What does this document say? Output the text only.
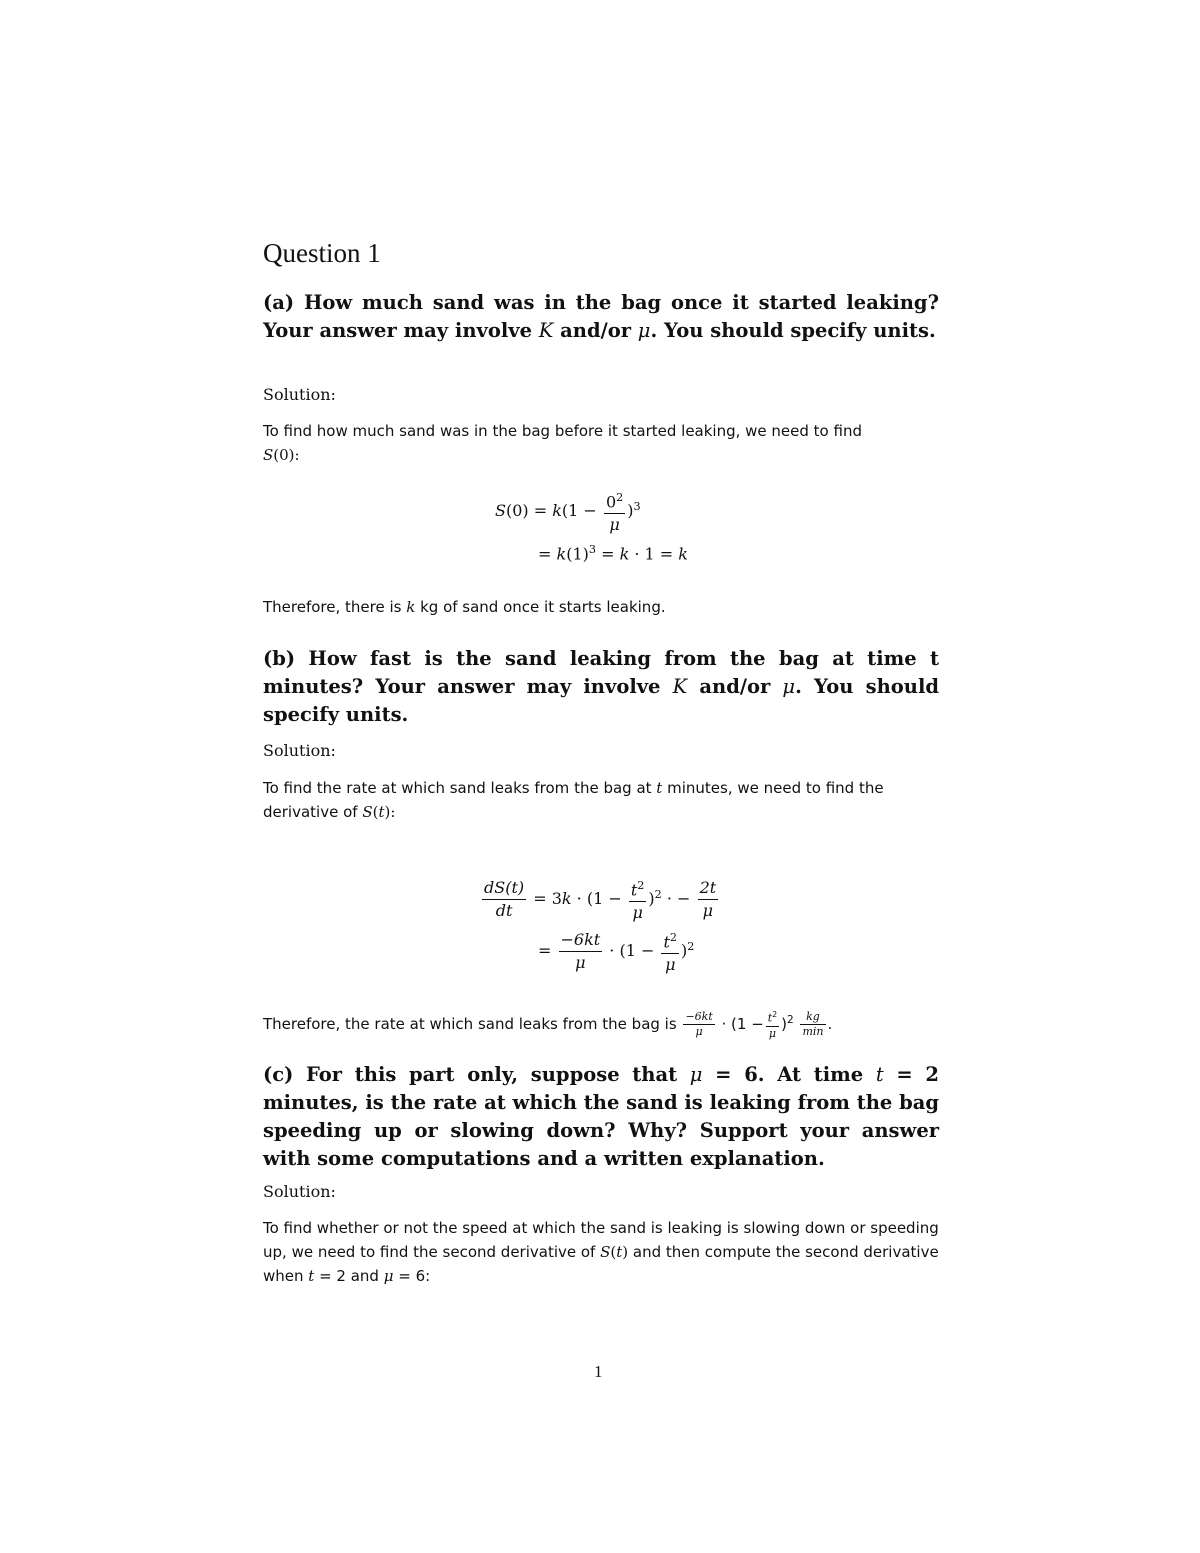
Question 1

(a) How much sand was in the bag once it started leaking? Your answer may involve K and/or μ. You should specify units.

Solution:

To find how much sand was in the bag before it started leaking, we need to find
S(0):

$S(0) = k(1 - \frac{0^2}{\mu} )^3$
= $k(1)^3 = k \cdot 1 = k$

Therefore, there is k kg of sand once it starts leaking.

(b) How fast is the sand leaking from the bag at time t minutes? Your answer may involve K and/or μ. You should specify units.

Solution:

To find the rate at which sand leaks from the bag at t minutes, we need to find the derivative of S(t):

$\frac{dS(t)}{dt} = 3k \cdot (1 - \frac{t^2}{\mu} )^2$ · − $\frac{2t}{\mu}$
= $\frac{-6kt}{\mu} \cdot (1 - \frac{t^2}{\mu} )^2$

Therefore, the rate at which sand leaks from the bag is $\frac{-6kt}{\mu} \cdot (1 - \frac{t^2}{\mu} )^2 \frac{kg}{\min}$ .

(c) For this part only, suppose that μ = 6. At time t = 2 minutes, is the rate at which the sand is leaking from the bag speeding up or slowing down? Why? Support your answer with some computations and a written explanation.

Solution:

To find whether or not the speed at which the sand is leaking is slowing down or speeding up, we need to find the second derivative of S(t) and then compute the second derivative when t = 2 and μ = 6:

1
